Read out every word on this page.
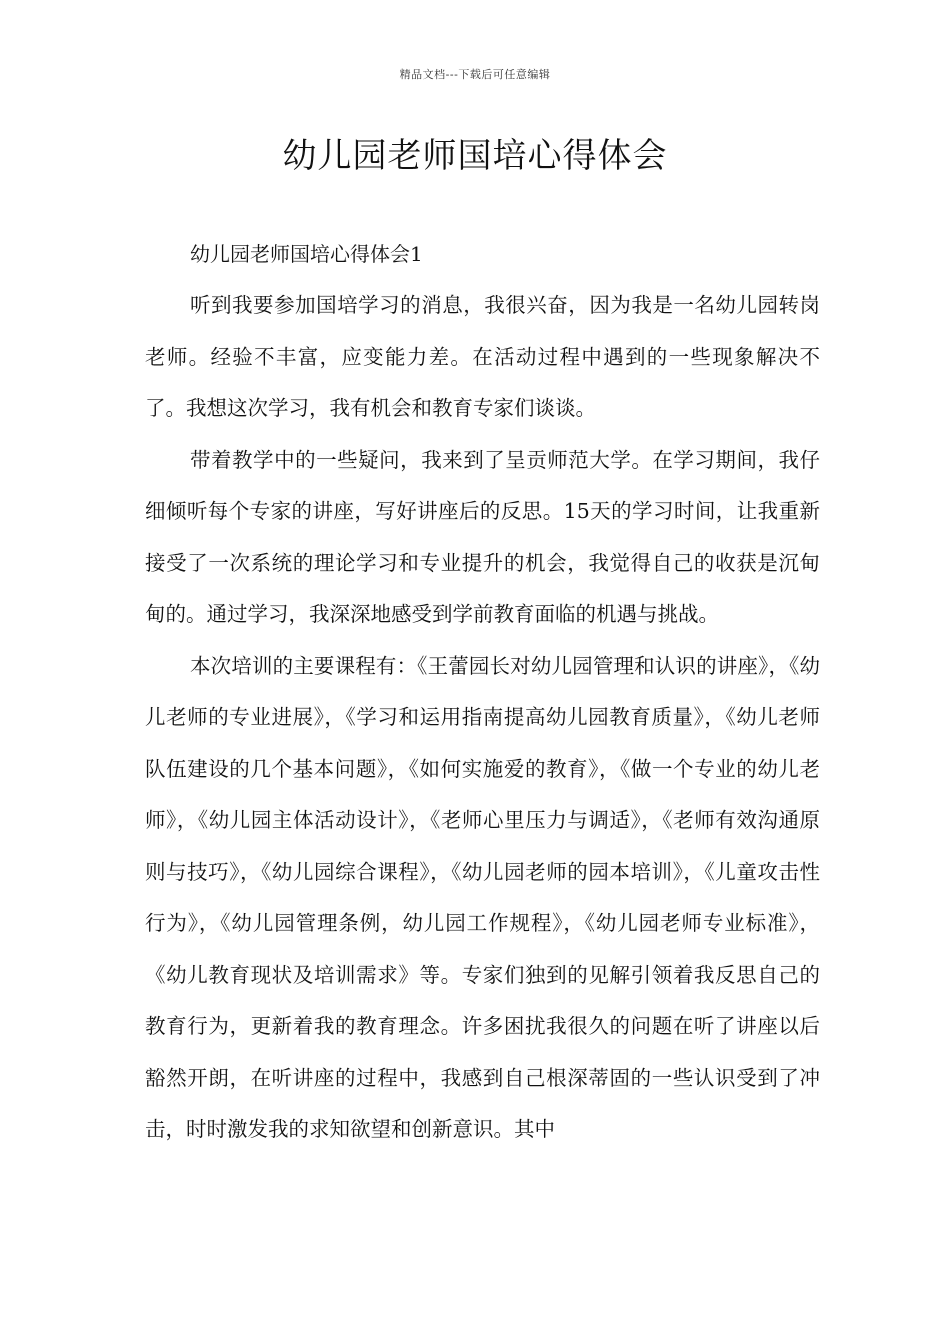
精品文档---下载后可任意编辑
幼儿园老师国培心得体会

幼儿园老师国培心得体会1

听到我要参加国培学习的消息，我很兴奋，因为我是一名幼儿园转岗老师。经验不丰富，应变能力差。在活动过程中遇到的一些现象解决不了。我想这次学习，我有机会和教育专家们谈谈。

带着教学中的一些疑问，我来到了呈贡师范大学。在学习期间，我仔细倾听每个专家的讲座，写好讲座后的反思。15天的学习时间，让我重新接受了一次系统的理论学习和专业提升的机会，我觉得自己的收获是沉甸甸的。通过学习，我深深地感受到学前教育面临的机遇与挑战。

本次培训的主要课程有：《王蕾园长对幼儿园管理和认识的讲座》，《幼儿老师的专业进展》，《学习和运用指南提高幼儿园教育质量》，《幼儿老师队伍建设的几个基本问题》，《如何实施爱的教育》，《做一个专业的幼儿老师》，《幼儿园主体活动设计》，《老师心里压力与调适》，《老师有效沟通原则与技巧》，《幼儿园综合课程》，《幼儿园老师的园本培训》，《儿童攻击性行为》，《幼儿园管理条例，幼儿园工作规程》，《幼儿园老师专业标准》，《幼儿教育现状及培训需求》等。专家们独到的见解引领着我反思自己的教育行为，更新着我的教育理念。许多困扰我很久的问题在听了讲座以后豁然开朗，在听讲座的过程中，我感到自己根深蒂固的一些认识受到了冲击，时时激发我的求知欲望和创新意识。其中
